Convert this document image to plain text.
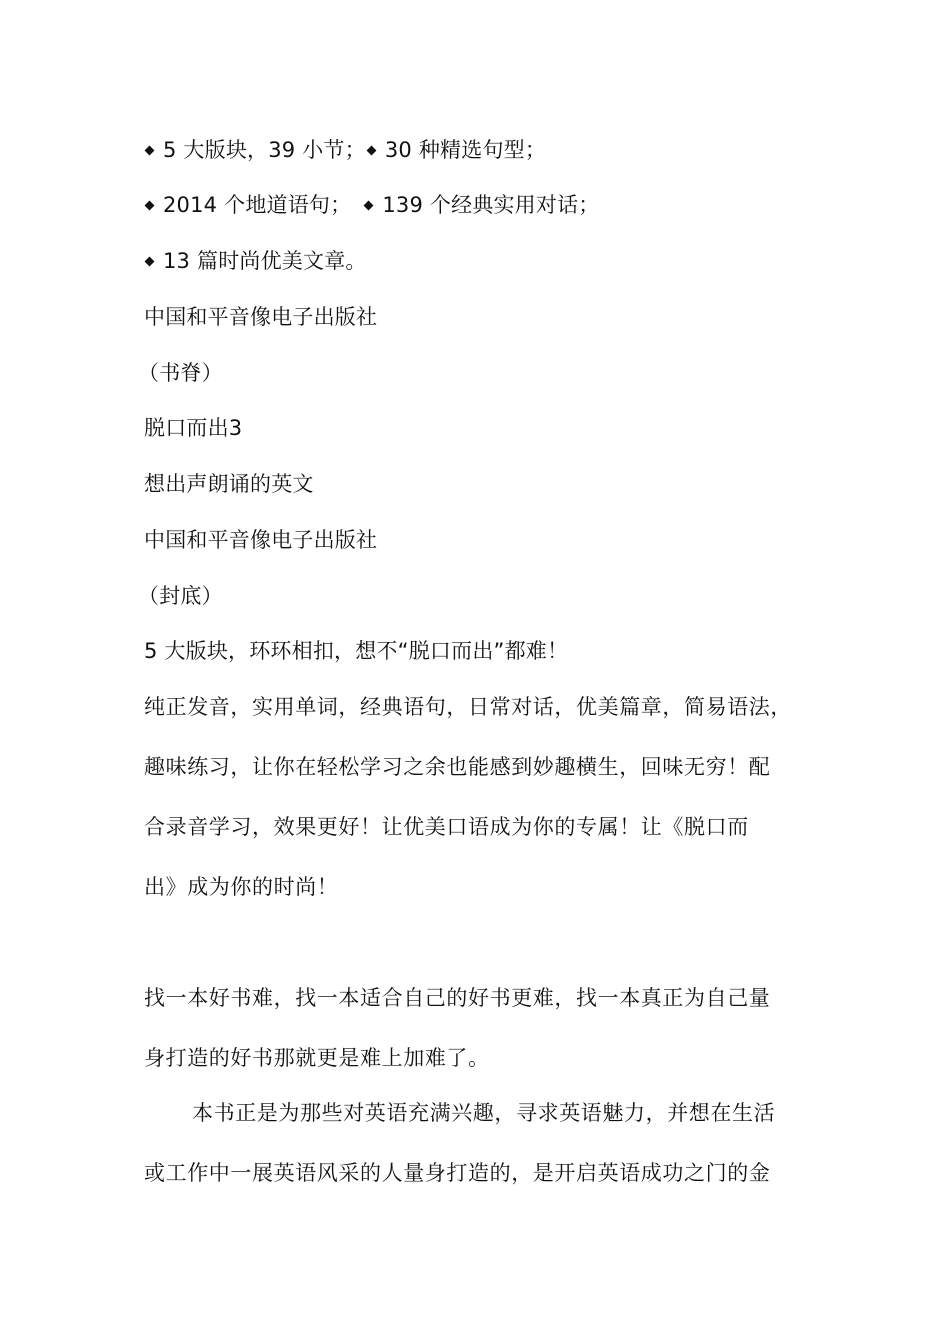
5 大版块，39 小节； 30 种精选句型；
2014 个地道语句； 139 个经典实用对话；
13 篇时尚优美文章。
中国和平音像电子出版社
（书脊）
脱口而出3
想出声朗诵的英文
中国和平音像电子出版社
（封底）
5 大版块，环环相扣，想不“脱口而出”都难！
纯正发音，实用单词，经典语句，日常对话，优美篇章，简易语法，
趣味练习，让你在轻松学习之余也能感到妙趣横生，回味无穷！配
合录音学习，效果更好！让优美口语成为你的专属！让《脱口而
出》成为你的时尚！
找一本好书难，找一本适合自己的好书更难，找一本真正为自己量
身打造的好书那就更是难上加难了。
本书正是为那些对英语充满兴趣，寻求英语魅力，并想在生活
或工作中一展英语风采的人量身打造的，是开启英语成功之门的金
